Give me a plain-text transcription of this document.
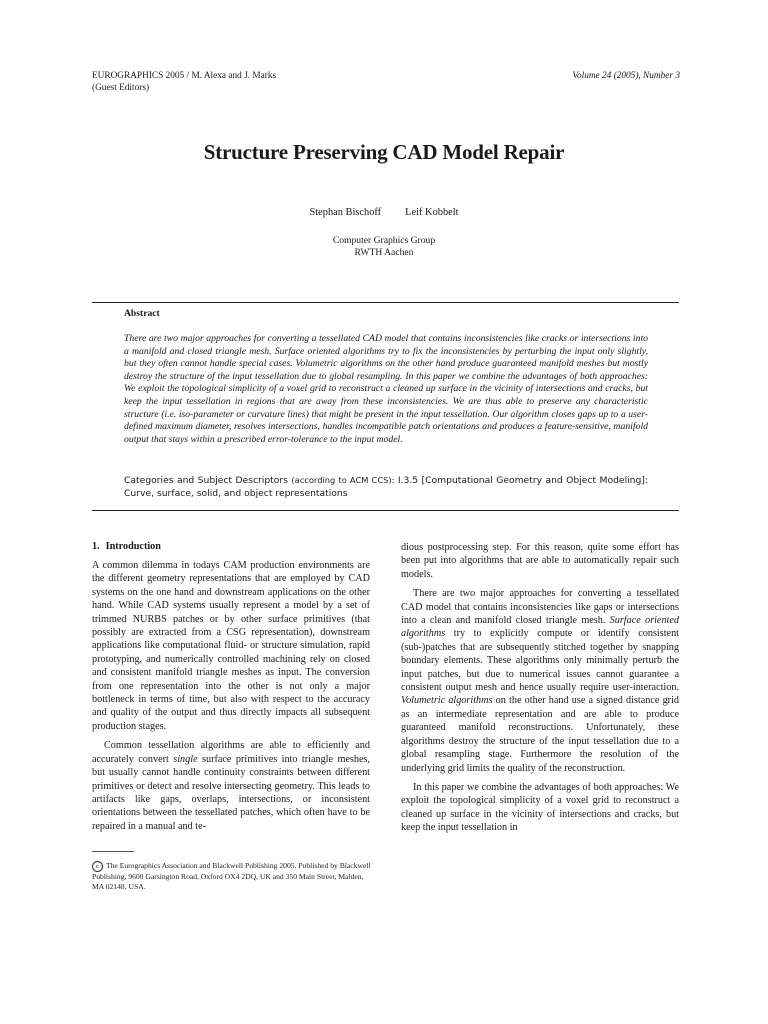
EUROGRAPHICS 2005 / M. Alexa and J. Marks
(Guest Editors)
Volume 24 (2005), Number 3
Structure Preserving CAD Model Repair
Stephan Bischoff Leif Kobbelt
Computer Graphics Group
RWTH Aachen
Abstract
There are two major approaches for converting a tessellated CAD model that contains inconsistencies like cracks or intersections into a manifold and closed triangle mesh. Surface oriented algorithms try to fix the inconsistencies by perturbing the input only slightly, but they often cannot handle special cases. Volumetric algorithms on the other hand produce guaranteed manifold meshes but mostly destroy the structure of the input tessellation due to global resampling. In this paper we combine the advantages of both approaches: We exploit the topological simplicity of a voxel grid to reconstruct a cleaned up surface in the vicinity of intersections and cracks, but keep the input tessellation in regions that are away from these inconsistencies. We are thus able to preserve any characteristic structure (i.e. iso-parameter or curvature lines) that might be present in the input tessellation. Our algorithm closes gaps up to a user-defined maximum diameter, resolves intersections, handles incompatible patch orientations and produces a feature-sensitive, manifold output that stays within a prescribed error-tolerance to the input model.
Categories and Subject Descriptors (according to ACM CCS): I.3.5 [Computational Geometry and Object Modeling]: Curve, surface, solid, and object representations
1. Introduction

A common dilemma in todays CAM production environments are the different geometry representations that are employed by CAD systems on the one hand and downstream applications on the other hand. While CAD systems usually represent a model by a set of trimmed NURBS patches or by other surface primitives (that possibly are extracted from a CSG representation), downstream applications like computational fluid- or structure simulation, rapid prototyping, and numerically controlled machining rely on closed and consistent manifold triangle meshes as input. The conversion from one representation into the other is not only a major bottleneck in terms of time, but also with respect to the accuracy and quality of the output and thus directly impacts all subsequent production stages.

Common tessellation algorithms are able to efficiently and accurately convert single surface primitives into triangle meshes, but usually cannot handle continuity constraints between different primitives or detect and resolve intersecting geometry. This leads to artifacts like gaps, overlaps, intersections, or inconsistent orientations between the tessellated patches, which often have to be repaired in a manual and te-

c The Eurographics Association and Blackwell Publishing 2005. Published by Blackwell Publishing, 9600 Garsington Road, Oxford OX4 2DQ, UK and 350 Main Street, Malden, MA 02148, USA.

dious postprocessing step. For this reason, quite some effort has been put into algorithms that are able to automatically repair such models.

There are two major approaches for converting a tessellated CAD model that contains inconsistencies like gaps or intersections into a clean and manifold closed triangle mesh. Surface oriented algorithms try to explicitly compute or identify consistent (sub-)patches that are subsequently stitched together by snapping boundary elements. These algorithms only minimally perturb the input patches, but due to numerical issues cannot guarantee a consistent output mesh and hence usually require user-interaction. Volumetric algorithms on the other hand use a signed distance grid as an intermediate representation and are able to produce guaranteed manifold reconstructions. Unfortunately, these algorithms destroy the structure of the input tessellation due to a global resampling stage. Furthermore the resolution of the underlying grid limits the quality of the reconstruction.

In this paper we combine the advantages of both approaches: We exploit the topological simplicity of a voxel grid to reconstruct a cleaned up surface in the vicinity of intersections and cracks, but keep the input tessellation in
